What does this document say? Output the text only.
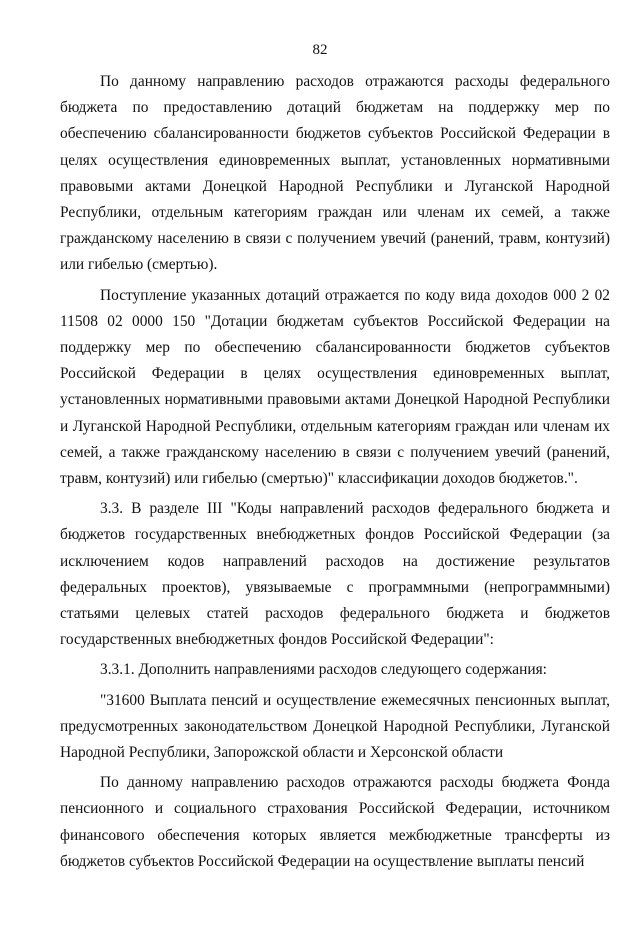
82

По данному направлению расходов отражаются расходы федерального бюджета по предоставлению дотаций бюджетам на поддержку мер по обеспечению сбалансированности бюджетов субъектов Российской Федерации в целях осуществления единовременных выплат, установленных нормативными правовыми актами Донецкой Народной Республики и Луганской Народной Республики, отдельным категориям граждан или членам их семей, а также гражданскому населению в связи с получением увечий (ранений, травм, контузий) или гибелью (смертью).

Поступление указанных дотаций отражается по коду вида доходов 000 2 02 11508 02 0000 150 "Дотации бюджетам субъектов Российской Федерации на поддержку мер по обеспечению сбалансированности бюджетов субъектов Российской Федерации в целях осуществления единовременных выплат, установленных нормативными правовыми актами Донецкой Народной Республики и Луганской Народной Республики, отдельным категориям граждан или членам их семей, а также гражданскому населению в связи с получением увечий (ранений, травм, контузий) или гибелью (смертью)" классификации доходов бюджетов.".

3.3. В разделе III "Коды направлений расходов федерального бюджета и бюджетов государственных внебюджетных фондов Российской Федерации (за исключением кодов направлений расходов на достижение результатов федеральных проектов), увязываемые с программными (непрограммными) статьями целевых статей расходов федерального бюджета и бюджетов государственных внебюджетных фондов Российской Федерации":

3.3.1. Дополнить направлениями расходов следующего содержания:

"31600 Выплата пенсий и осуществление ежемесячных пенсионных выплат, предусмотренных законодательством Донецкой Народной Республики, Луганской Народной Республики, Запорожской области и Херсонской области

По данному направлению расходов отражаются расходы бюджета Фонда пенсионного и социального страхования Российской Федерации, источником финансового обеспечения которых является межбюджетные трансферты из бюджетов субъектов Российской Федерации на осуществление выплаты пенсий
